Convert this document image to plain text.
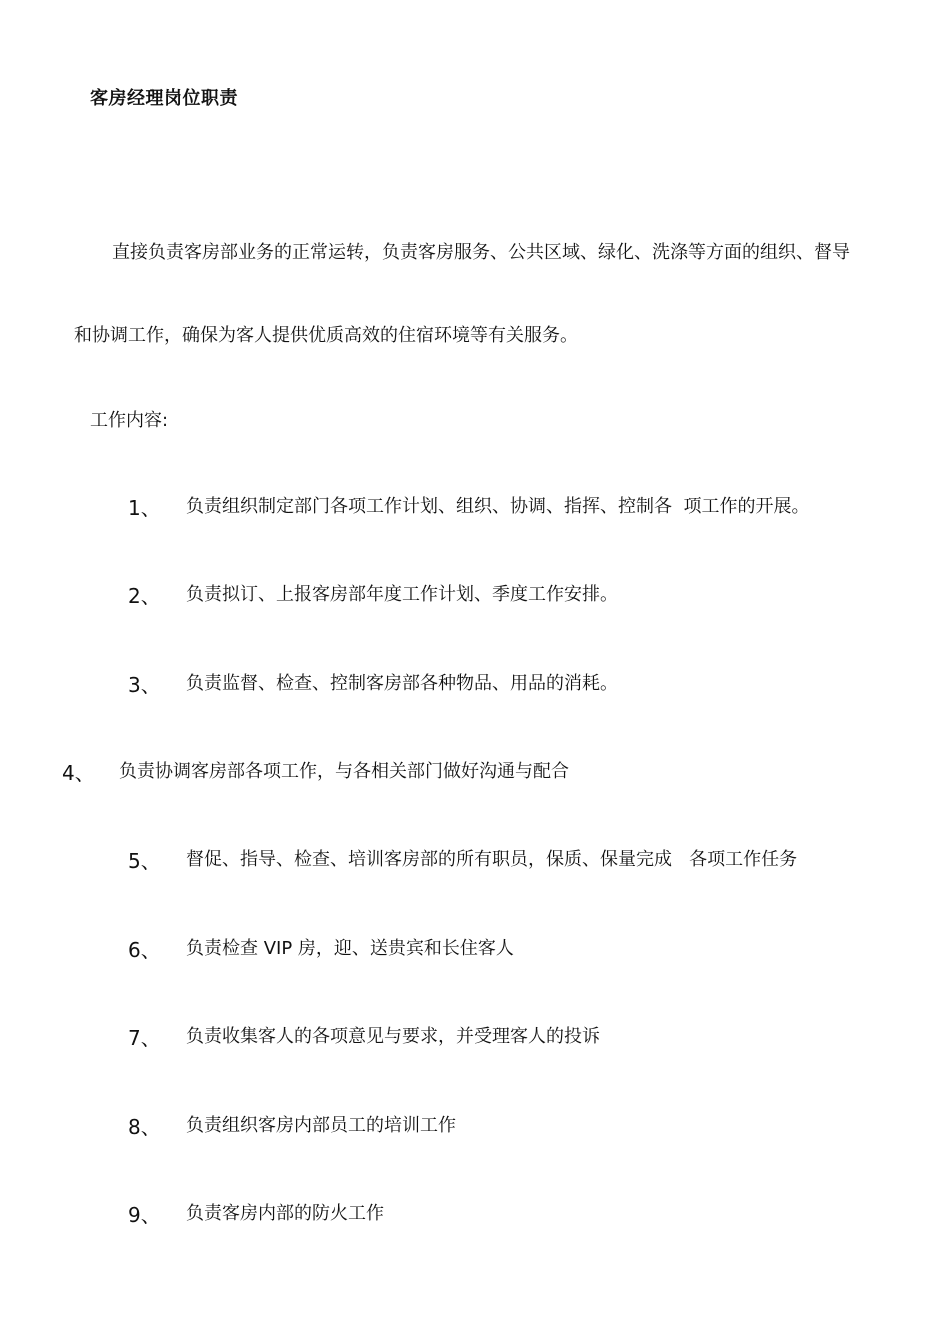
客房经理岗位职责
直接负责客房部业务的正常运转，负责客房服务、公共区域、绿化、洗涤等方面的组织、督导
和协调工作，确保为客人提供优质高效的住宿环境等有关服务。
工作内容:
1、 负责组织制定部门各项工作计划、组织、协调、指挥、控制各  项工作的开展。
2、 负责拟订、上报客房部年度工作计划、季度工作安排。
3、 负责监督、检查、控制客房部各种物品、用品的消耗。
4、 负责协调客房部各项工作，与各相关部门做好沟通与配合
5、 督促、指导、检查、培训客房部的所有职员，保质、保量完成   各项工作任务
6、 负责检查 VIP 房，迎、送贵宾和长住客人
7、 负责收集客人的各项意见与要求，并受理客人的投诉
8、 负责组织客房内部员工的培训工作
9、 负责客房内部的防火工作
